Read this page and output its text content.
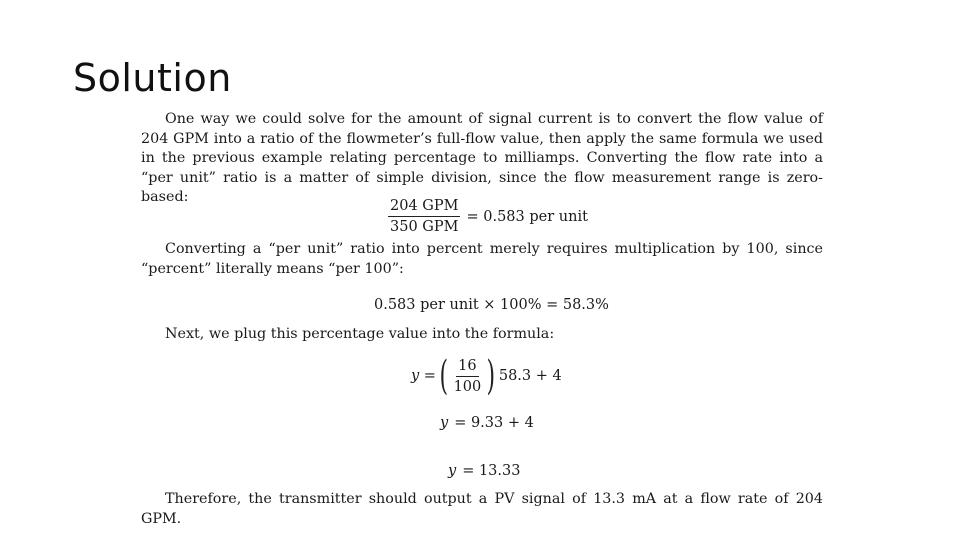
Solution
One way we could solve for the amount of signal current is to convert the flow value of 204 GPM into a ratio of the flowmeter’s full-flow value, then apply the same formula we used in the previous example relating percentage to milliamps. Converting the flow rate into a “per unit” ratio is a matter of simple division, since the flow measurement range is zero-based:	$\frac{\text{204 GPM}}{\text{350 GPM}} = 0.583$ per unit
Converting a “per unit” ratio into percent merely requires multiplication by 100, since “percent” literally means “per 100”:
0.583 per unit × 100% = 58.3%
Next, we plug this percentage value into the formula:
y = ( $\frac{16}{100}$ ) 58.3 + 4
y = 9.33 + 4
y = 13.33
Therefore, the transmitter should output a PV signal of 13.3 mA at a flow rate of 204 GPM.
